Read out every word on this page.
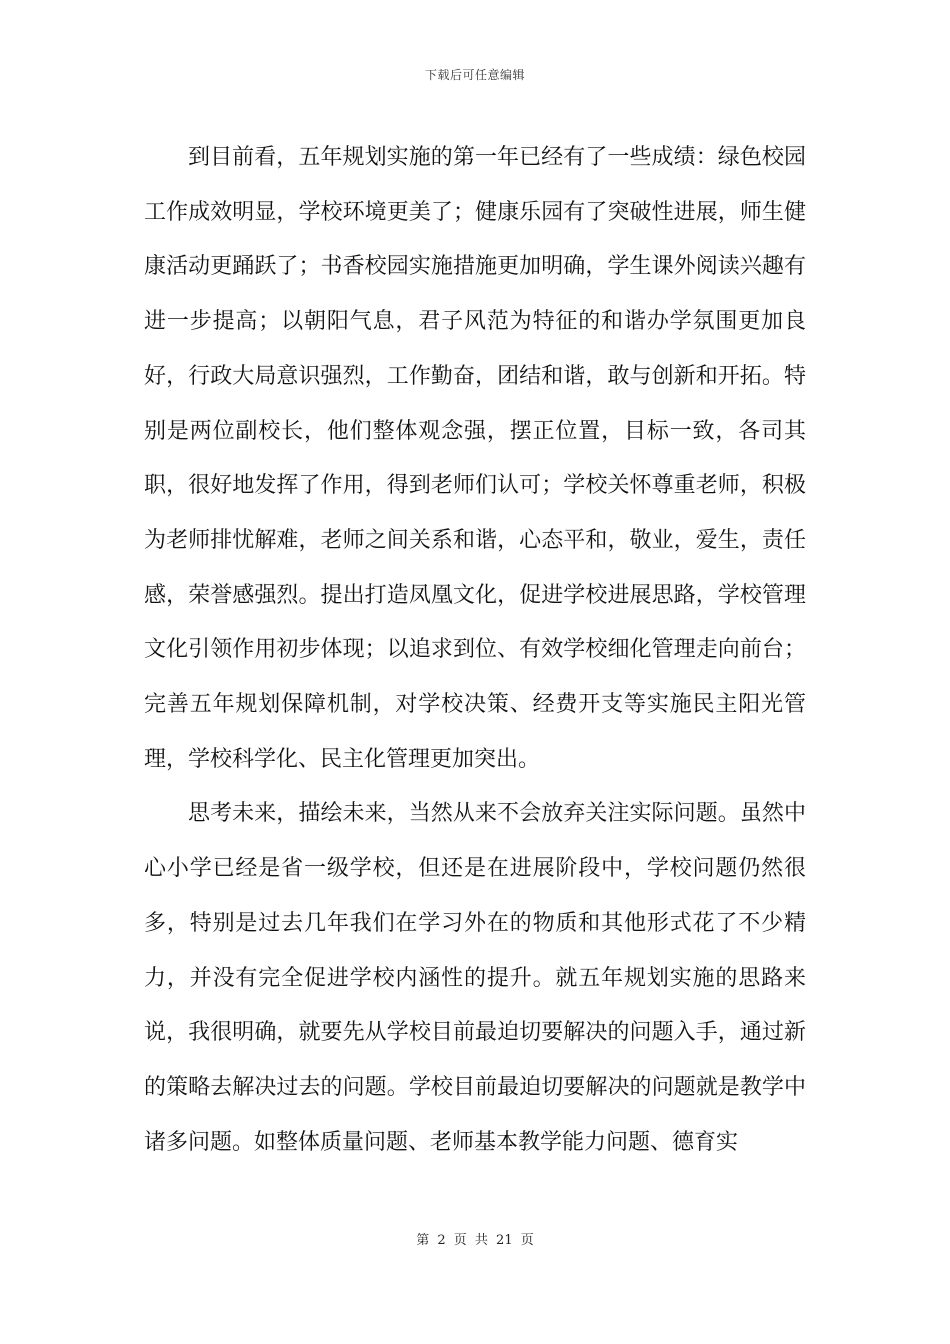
下载后可任意编辑

到目前看，五年规划实施的第一年已经有了一些成绩：绿色校园工作成效明显，学校环境更美了；健康乐园有了突破性进展，师生健康活动更踊跃了；书香校园实施措施更加明确，学生课外阅读兴趣有进一步提高；以朝阳气息，君子风范为特征的和谐办学氛围更加良好，行政大局意识强烈，工作勤奋，团结和谐，敢与创新和开拓。特别是两位副校长，他们整体观念强，摆正位置，目标一致，各司其职，很好地发挥了作用，得到老师们认可；学校关怀尊重老师，积极为老师排忧解难，老师之间关系和谐，心态平和，敬业，爱生，责任感，荣誉感强烈。提出打造凤凰文化，促进学校进展思路，学校管理文化引领作用初步体现；以追求到位、有效学校细化管理走向前台；完善五年规划保障机制，对学校决策、经费开支等实施民主阳光管理，学校科学化、民主化管理更加突出。

思考未来，描绘未来，当然从来不会放弃关注实际问题。虽然中心小学已经是省一级学校，但还是在进展阶段中，学校问题仍然很多，特别是过去几年我们在学习外在的物质和其他形式花了不少精力，并没有完全促进学校内涵性的提升。就五年规划实施的思路来说，我很明确，就要先从学校目前最迫切要解决的问题入手，通过新的策略去解决过去的问题。学校目前最迫切要解决的问题就是教学中诸多问题。如整体质量问题、老师基本教学能力问题、德育实

第 2 页 共 21 页
